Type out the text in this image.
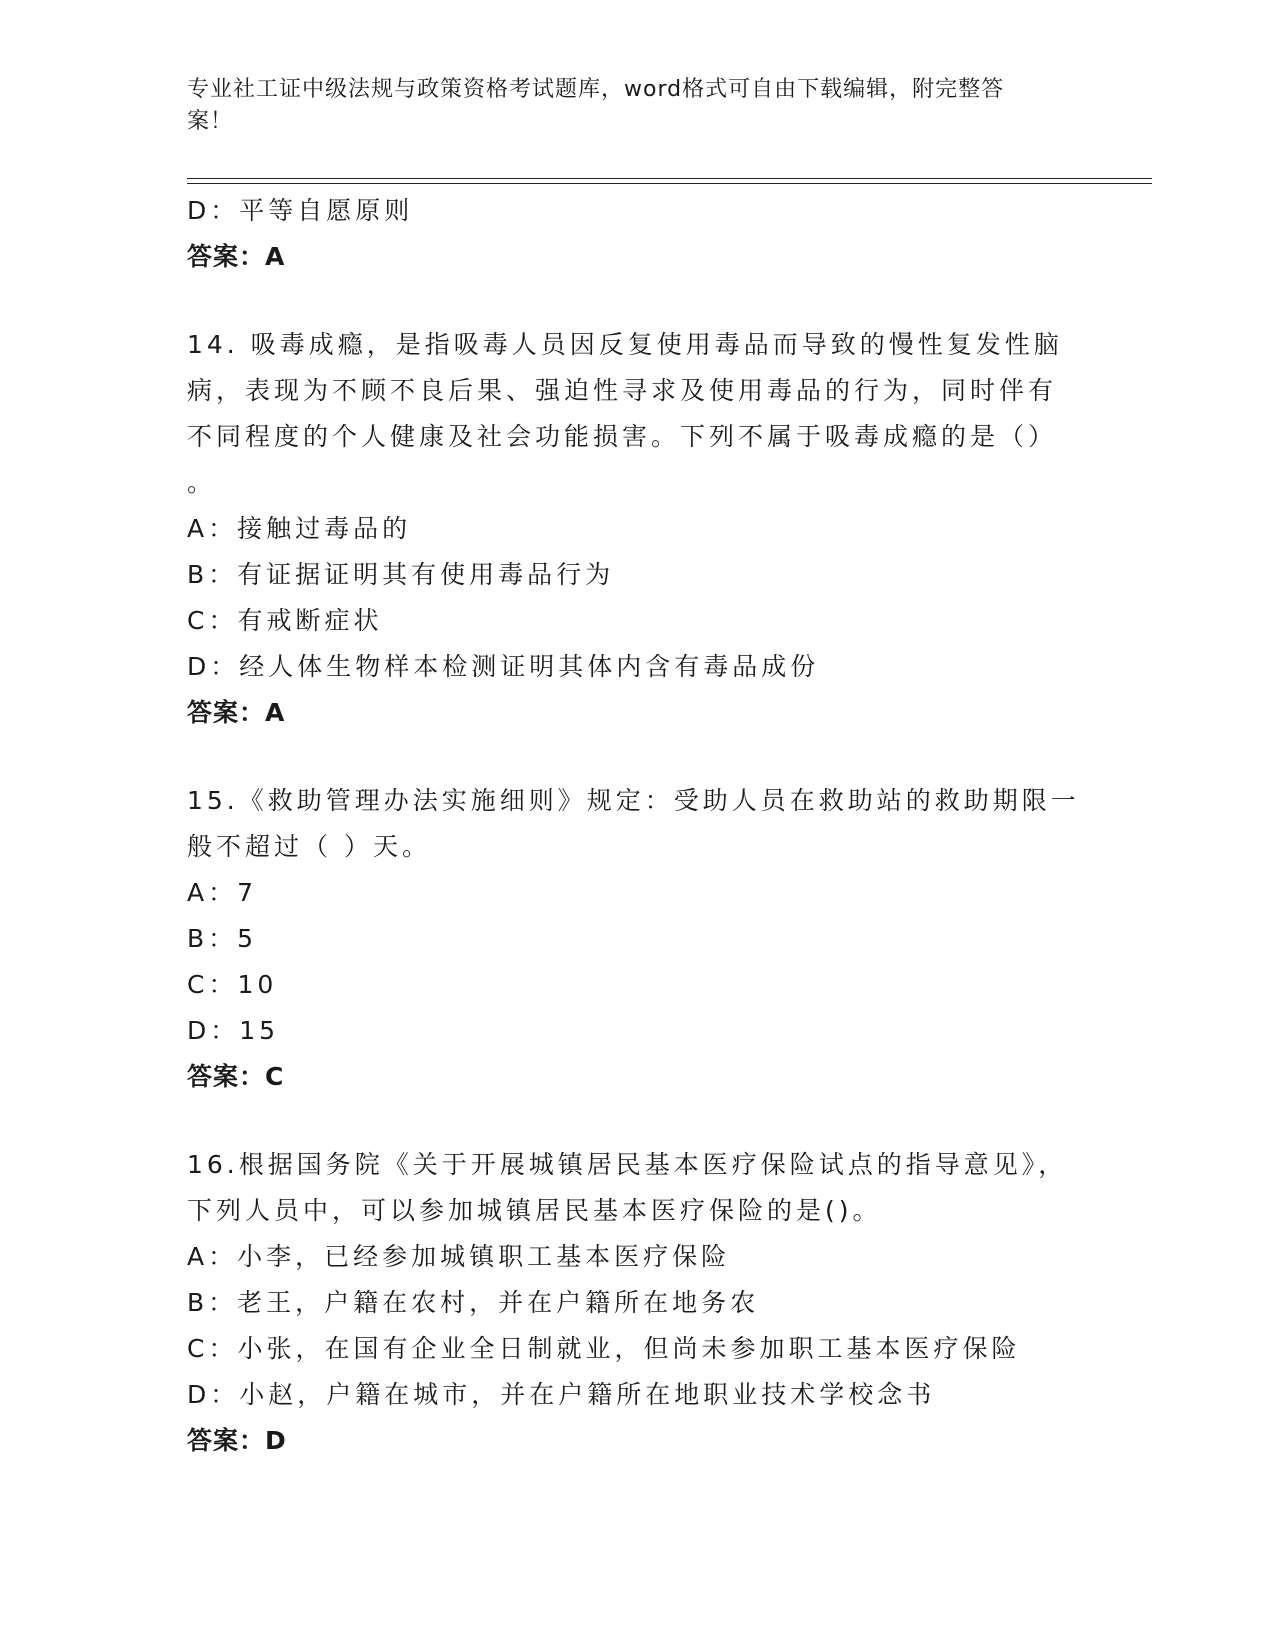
专业社工证中级法规与政策资格考试题库，word格式可自由下载编辑，附完整答
案！

D：平等自愿原则

答案：A

14. 吸毒成瘾，是指吸毒人员因反复使用毒品而导致的慢性复发性脑

病，表现为不顾不良后果、强迫性寻求及使用毒品的行为，同时伴有

不同程度的个人健康及社会功能损害。下列不属于吸毒成瘾的是（）

。

A：接触过毒品的

B：有证据证明其有使用毒品行为

C：有戒断症状

D：经人体生物样本检测证明其体内含有毒品成份

答案：A

15.《救助管理办法实施细则》规定：受助人员在救助站的救助期限一

般不超过（ ）天。

A：7

B：5

C：10

D：15

答案：C

16.根据国务院《关于开展城镇居民基本医疗保险试点的指导意见》，

下列人员中，可以参加城镇居民基本医疗保险的是()。

A：小李，已经参加城镇职工基本医疗保险

B：老王，户籍在农村，并在户籍所在地务农

C：小张，在国有企业全日制就业，但尚未参加职工基本医疗保险

D：小赵，户籍在城市，并在户籍所在地职业技术学校念书

答案：D
